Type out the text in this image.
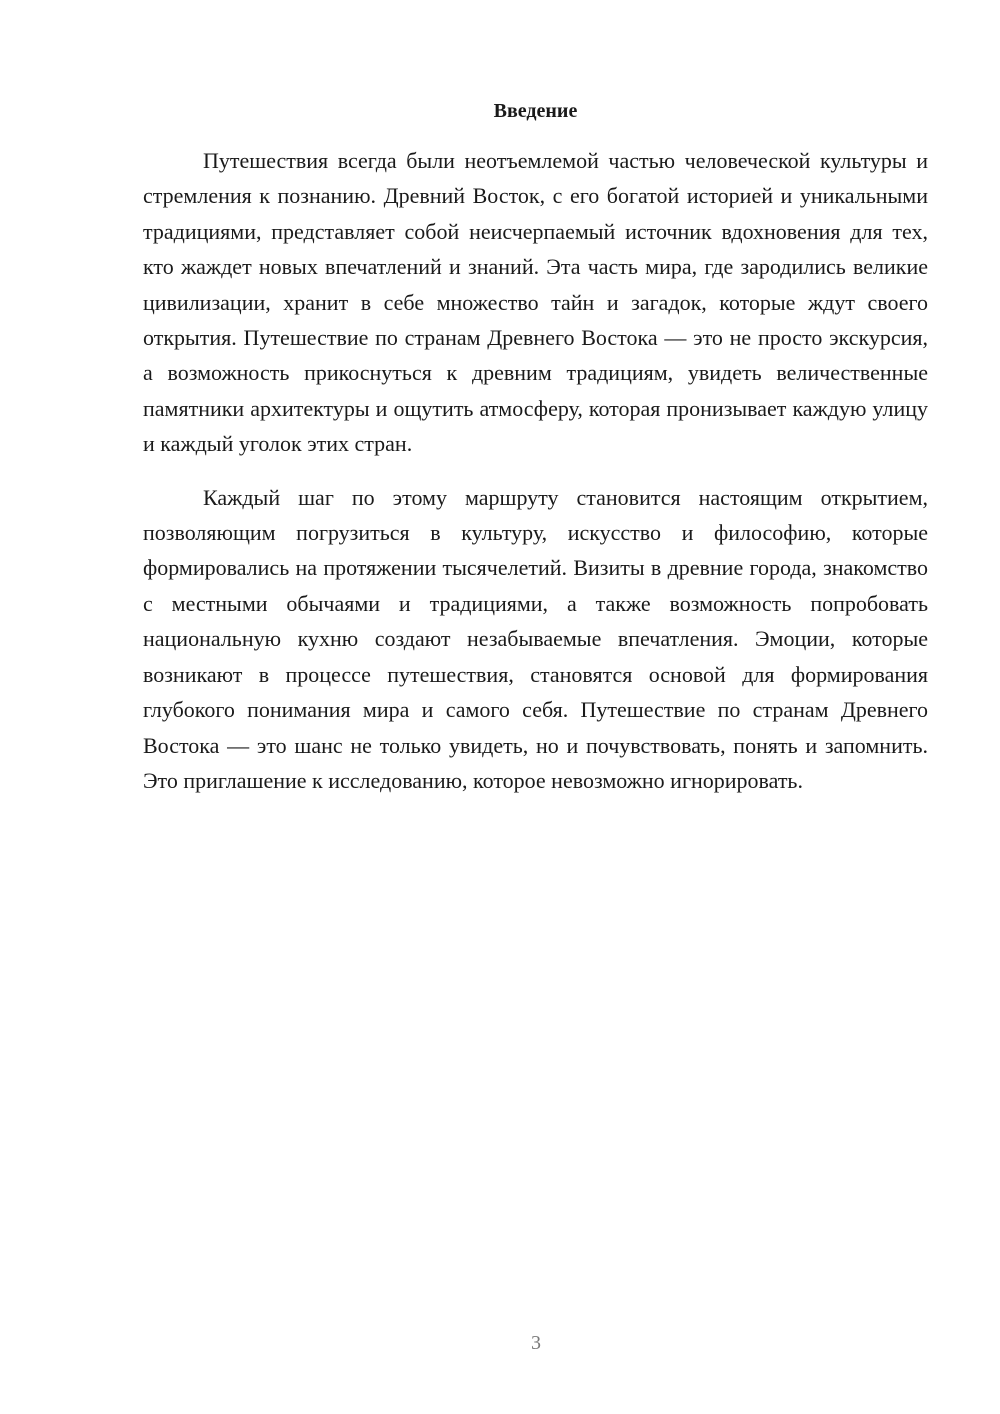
Введение

Путешествия всегда были неотъемлемой частью человеческой культуры и стремления к познанию. Древний Восток, с его богатой историей и уникальными традициями, представляет собой неисчерпаемый источник вдохновения для тех, кто жаждет новых впечатлений и знаний. Эта часть мира, где зародились великие цивилизации, хранит в себе множество тайн и загадок, которые ждут своего открытия. Путешествие по странам Древнего Востока — это не просто экскурсия, а возможность прикоснуться к древним традициям, увидеть величественные памятники архитектуры и ощутить атмосферу, которая пронизывает каждую улицу и каждый уголок этих стран.

Каждый шаг по этому маршруту становится настоящим открытием, позволяющим погрузиться в культуру, искусство и философию, которые формировались на протяжении тысячелетий. Визиты в древние города, знакомство с местными обычаями и традициями, а также возможность попробовать национальную кухню создают незабываемые впечатления. Эмоции, которые возникают в процессе путешествия, становятся основой для формирования глубокого понимания мира и самого себя. Путешествие по странам Древнего Востока — это шанс не только увидеть, но и почувствовать, понять и запомнить. Это приглашение к исследованию, которое невозможно игнорировать.

3
